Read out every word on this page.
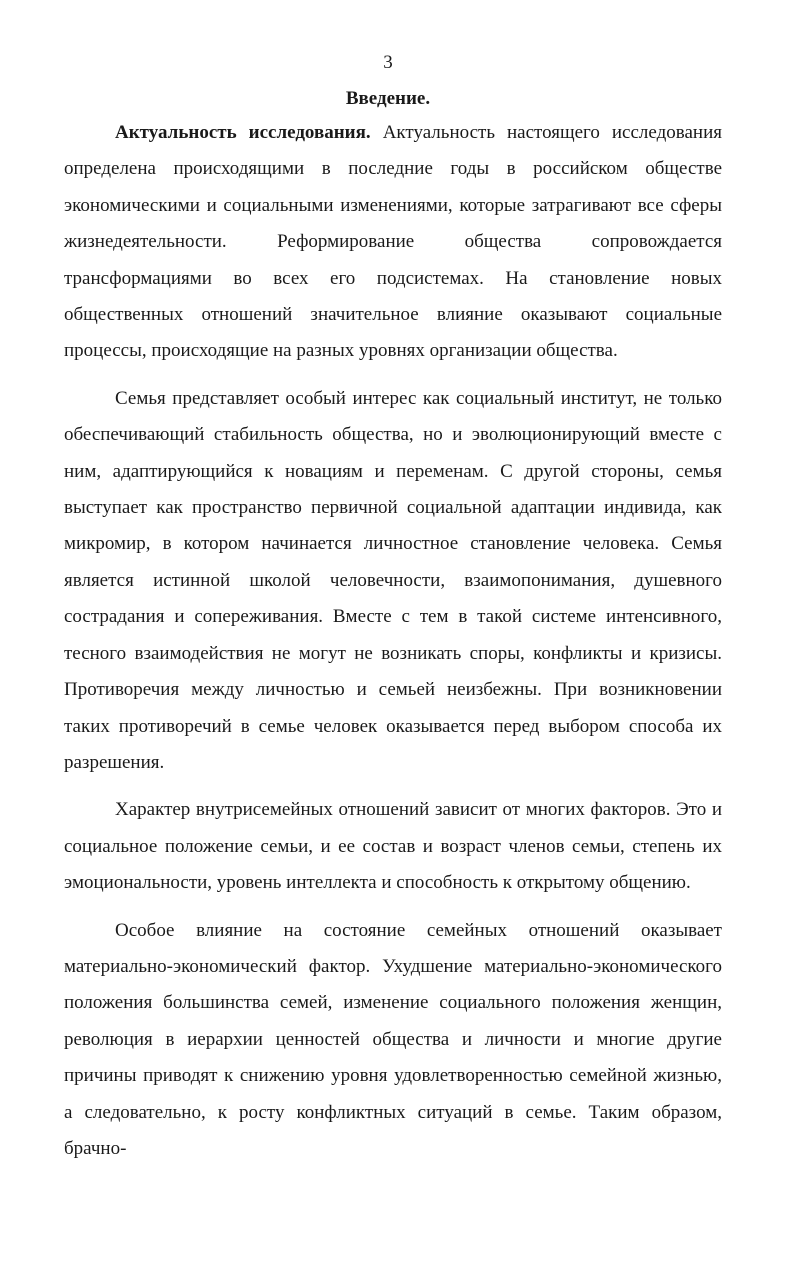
3
Введение.

Актуальность исследования. Актуальность настоящего исследования определена происходящими в последние годы в российском обществе экономическими и социальными изменениями, которые затрагивают все сферы жизнедеятельности. Реформирование общества сопровождается трансформациями во всех его подсистемах. На становление новых общественных отношений значительное влияние оказывают социальные процессы, происходящие на разных уровнях организации общества.

Семья представляет особый интерес как социальный институт, не только обеспечивающий стабильность общества, но и эволюционирующий вместе с ним, адаптирующийся к новациям и переменам. С другой стороны, семья выступает как пространство первичной социальной адаптации индивида, как микромир, в котором начинается личностное становление человека. Семья является истинной школой человечности, взаимопонимания, душевного сострадания и сопереживания. Вместе с тем в такой системе интенсивного, тесного взаимодействия не могут не возникать споры, конфликты и кризисы. Противоречия между личностью и семьей неизбежны. При возникновении таких противоречий в семье человек оказывается перед выбором способа их разрешения.

Характер внутрисемейных отношений зависит от многих факторов. Это и социальное положение семьи, и ее состав и возраст членов семьи, степень их эмоциональности, уровень интеллекта и способность к открытому общению.

Особое влияние на состояние семейных отношений оказывает материально-экономический фактор. Ухудшение материально-экономического положения большинства семей, изменение социального положения женщин, революция в иерархии ценностей общества и личности и многие другие причины приводят к снижению уровня удовлетворенностью семейной жизнью, а следовательно, к росту конфликтных ситуаций в семье. Таким образом, брачно-
